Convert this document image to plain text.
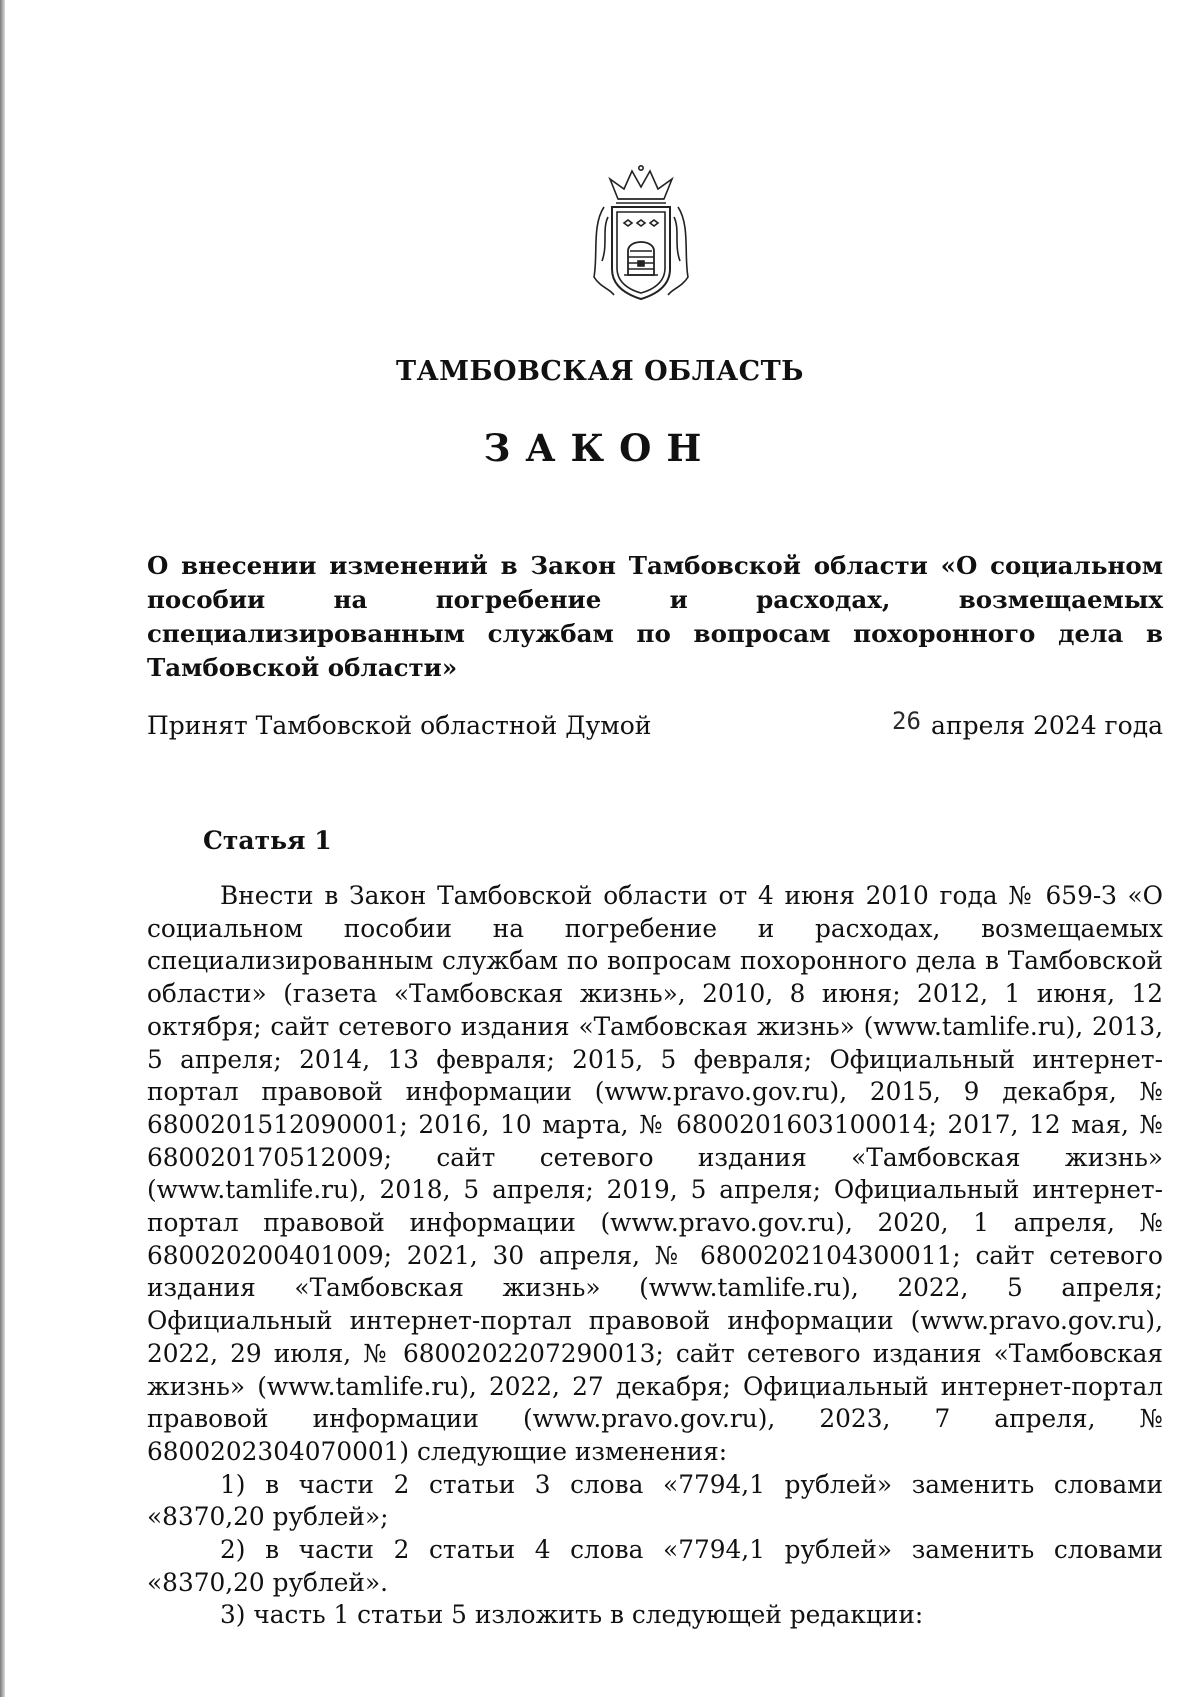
ТАМБОВСКАЯ ОБЛАСТЬ
ЗАКОН
О внесении изменений в Закон Тамбовской области «О социальном пособии на погребение и расходах, возмещаемых специализированным службам по вопросам похоронного дела в Тамбовской области»
Принят Тамбовской областной Думой	26 апреля 2024 года
Статья 1

Внести в Закон Тамбовской области от 4 июня 2010 года № 659-З «О социальном пособии на погребение и расходах, возмещаемых специализированным службам по вопросам похоронного дела в Тамбовской области» (газета «Тамбовская жизнь», 2010, 8 июня; 2012, 1 июня, 12 октября; сайт сетевого издания «Тамбовская жизнь» (www.tamlife.ru), 2013, 5 апреля; 2014, 13 февраля; 2015, 5 февраля; Официальный интернет-портал правовой информации (www.pravo.gov.ru), 2015, 9 декабря, № 6800201512090001; 2016, 10 марта, № 6800201603100014; 2017, 12 мая, № 680020170512009; сайт сетевого издания «Тамбовская жизнь» (www.tamlife.ru), 2018, 5 апреля; 2019, 5 апреля; Официальный интернет-портал правовой информации (www.pravo.gov.ru), 2020, 1 апреля, № 680020200401009; 2021, 30 апреля, № 6800202104300011; сайт сетевого издания «Тамбовская жизнь» (www.tamlife.ru), 2022, 5 апреля; Официальный интернет-портал правовой информации (www.pravo.gov.ru), 2022, 29 июля, № 6800202207290013; сайт сетевого издания «Тамбовская жизнь» (www.tamlife.ru), 2022, 27 декабря; Официальный интернет-портал правовой информации (www.pravo.gov.ru), 2023, 7 апреля, № 6800202304070001) следующие изменения:

1) в части 2 статьи 3 слова «7794,1 рублей» заменить словами «8370,20 рублей»;

2) в части 2 статьи 4 слова «7794,1 рублей» заменить словами «8370,20 рублей».

3) часть 1 статьи 5 изложить в следующей редакции:
